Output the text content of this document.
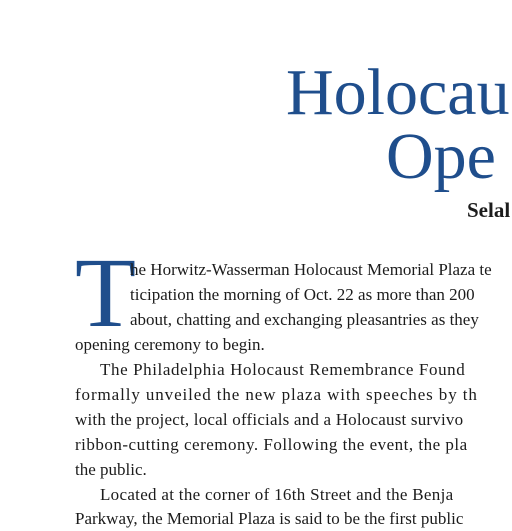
Holocau
Ope
Selal
T
he Horwitz-Wasserman Holocaust Memorial Plaza te
ticipation the morning of Oct. 22 as more than 200
about, chatting and exchanging pleasantries as they
opening ceremony to begin.
The Philadelphia Holocaust Remembrance Found
formally unveiled the new plaza with speeches by th
with the project, local officials and a Holocaust survivo
ribbon-cutting ceremony. Following the event, the pla
the public.
Located at the corner of 16th Street and the Benja
Parkway, the Memorial Plaza is said to be the first public
